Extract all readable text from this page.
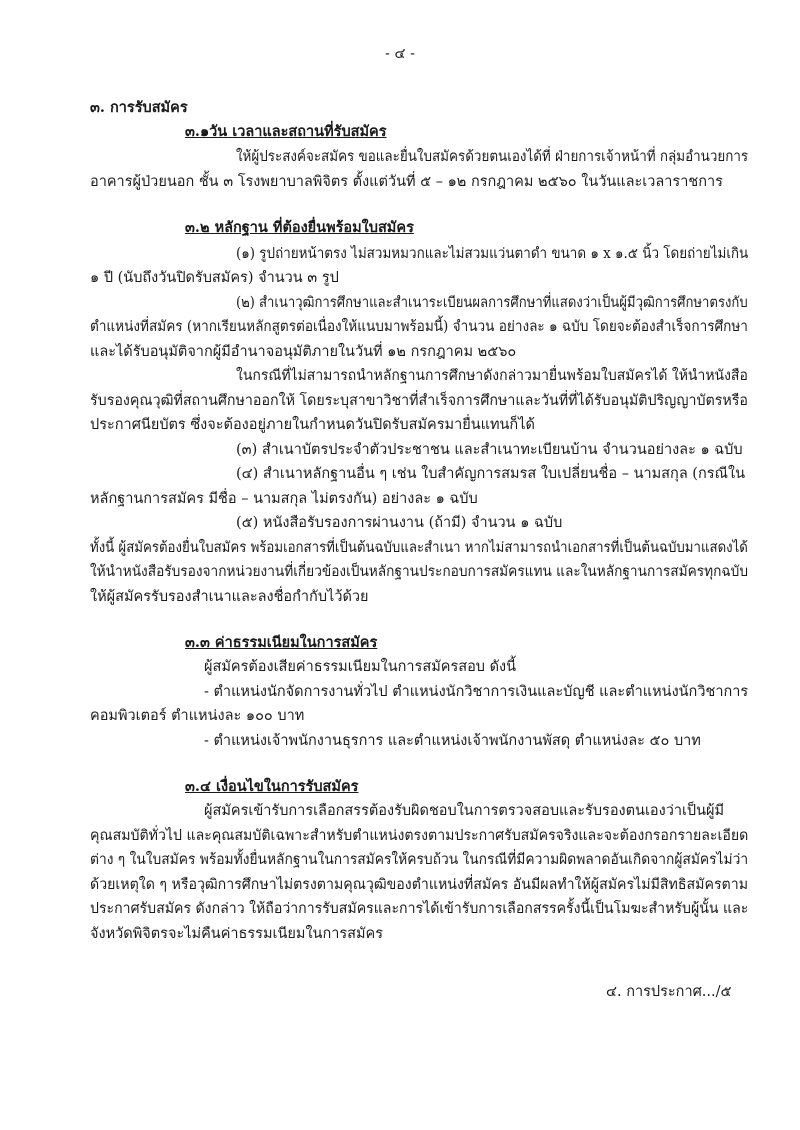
- ๔ -
๓. การรับสมัคร
๓.๑วัน เวลาและสถานที่รับสมัคร
ให้ผู้ประสงค์จะสมัคร ขอและยื่นใบสมัครด้วยตนเองได้ที่ ฝ่ายการเจ้าหน้าที่ กลุ่มอำนวยการ
อาคารผู้ป่วยนอก ชั้น ๓ โรงพยาบาลพิจิตร ตั้งแต่วันที่ ๕ – ๑๒ กรกฎาคม ๒๕๖๐ ในวันและเวลาราชการ
๓.๒ หลักฐาน ที่ต้องยื่นพร้อมใบสมัคร
(๑) รูปถ่ายหน้าตรง ไม่สวมหมวกและไม่สวมแว่นตาดำ ขนาด ๑ x ๑.๕ นิ้ว โดยถ่ายไม่เกิน
๑ ปี (นับถึงวันปิดรับสมัคร) จำนวน ๓ รูป
(๒) สำเนาวุฒิการศึกษาและสำเนาระเบียนผลการศึกษาที่แสดงว่าเป็นผู้มีวุฒิการศึกษาตรงกับ
ตำแหน่งที่สมัคร (หากเรียนหลักสูตรต่อเนื่องให้แนบมาพร้อมนี้) จำนวน อย่างละ ๑ ฉบับ โดยจะต้องสำเร็จการศึกษา
และได้รับอนุมัติจากผู้มีอำนาจอนุมัติภายในวันที่ ๑๒ กรกฎาคม ๒๕๖๐
ในกรณีที่ไม่สามารถนำหลักฐานการศึกษาดังกล่าวมายื่นพร้อมใบสมัครได้ ให้นำหนังสือ
รับรองคุณวุฒิที่สถานศึกษาออกให้ โดยระบุสาขาวิชาที่สำเร็จการศึกษาและวันที่ที่ได้รับอนุมัติปริญญาบัตรหรือ
ประกาศนียบัตร ซึ่งจะต้องอยู่ภายในกำหนดวันปิดรับสมัครมายื่นแทนก็ได้
(๓) สำเนาบัตรประจำตัวประชาชน และสำเนาทะเบียนบ้าน จำนวนอย่างละ ๑ ฉบับ
(๔) สำเนาหลักฐานอื่น ๆ เช่น ใบสำคัญการสมรส ใบเปลี่ยนชื่อ – นามสกุล (กรณีใน
หลักฐานการสมัคร มีชื่อ – นามสกุล ไม่ตรงกัน) อย่างละ ๑ ฉบับ
(๕) หนังสือรับรองการผ่านงาน (ถ้ามี) จำนวน ๑ ฉบับ
ทั้งนี้ ผู้สมัครต้องยื่นใบสมัคร พร้อมเอกสารที่เป็นต้นฉบับและสำเนา หากไม่สามารถนำเอกสารที่เป็นต้นฉบับมาแสดงได้
ให้นำหนังสือรับรองจากหน่วยงานที่เกี่ยวข้องเป็นหลักฐานประกอบการสมัครแทน และในหลักฐานการสมัครทุกฉบับ
ให้ผู้สมัครรับรองสำเนาและลงชื่อกำกับไว้ด้วย
๓.๓ ค่าธรรมเนียมในการสมัคร
ผู้สมัครต้องเสียค่าธรรมเนียมในการสมัครสอบ ดังนี้
- ตำแหน่งนักจัดการงานทั่วไป ตำแหน่งนักวิชาการเงินและบัญชี และตำแหน่งนักวิชาการ
คอมพิวเตอร์ ตำแหน่งละ ๑๐๐ บาท
- ตำแหน่งเจ้าพนักงานธุรการ และตำแหน่งเจ้าพนักงานพัสดุ ตำแหน่งละ ๕๐ บาท
๓.๔ เงื่อนไขในการรับสมัคร
ผู้สมัครเข้ารับการเลือกสรรต้องรับผิดชอบในการตรวจสอบและรับรองตนเองว่าเป็นผู้มี
คุณสมบัติทั่วไป และคุณสมบัติเฉพาะสำหรับตำแหน่งตรงตามประกาศรับสมัครจริงและจะต้องกรอกรายละเอียด
ต่าง ๆ ในใบสมัคร พร้อมทั้งยื่นหลักฐานในการสมัครให้ครบถ้วน ในกรณีที่มีความผิดพลาดอันเกิดจากผู้สมัครไม่ว่า
ด้วยเหตุใด ๆ หรือวุฒิการศึกษาไม่ตรงตามคุณวุฒิของตำแหน่งที่สมัคร อันมีผลทำให้ผู้สมัครไม่มีสิทธิสมัครตาม
ประกาศรับสมัคร ดังกล่าว ให้ถือว่าการรับสมัครและการได้เข้ารับการเลือกสรรครั้งนี้เป็นโมฆะสำหรับผู้นั้น และ
จังหวัดพิจิตรจะไม่คืนค่าธรรมเนียมในการสมัคร
๔. การประกาศ.../๕
